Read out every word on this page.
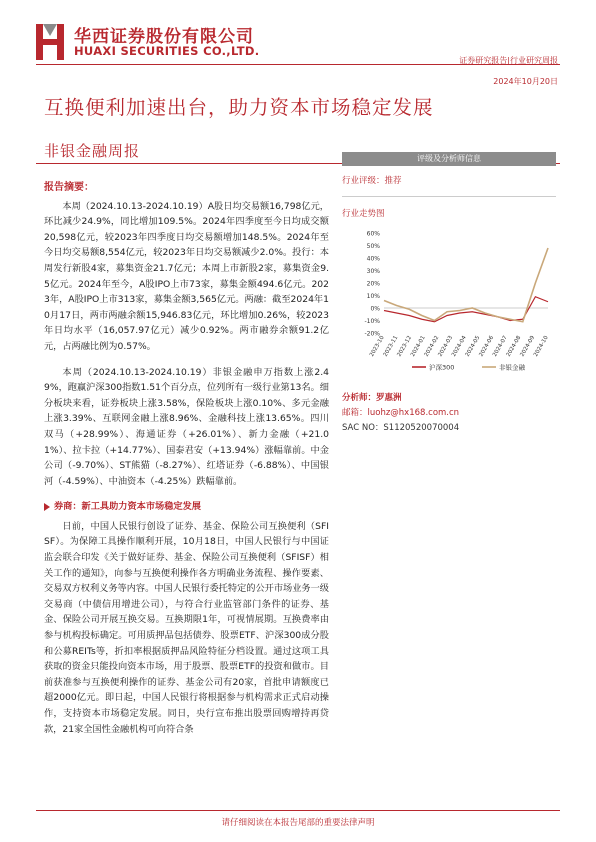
华西证券股份有限公司
HUAXI SECURITIES CO.,LTD.
证券研究报告|行业研究周报
2024年10月20日
互换便利加速出台，助力资本市场稳定发展
非银金融周报
报告摘要：

本周（2024.10.13-2024.10.19）A股日均交易额16,798亿元，环比减少24.9%，同比增加109.5%。2024年四季度至今日均成交额20,598亿元，较2023年四季度日均交易额增加148.5%。2024年至今日均交易额8,554亿元，较2023年日均交易额减少2.0%。投行：本周发行新股4家，募集资金21.7亿元；本周上市新股2家，募集资金9.5亿元。2024年至今，A股IPO上市73家，募集金额494.6亿元。2023年，A股IPO上市313家，募集金额3,565亿元。两融：截至2024年10月17日，两市两融余额15,946.83亿元，环比增加0.26%，较2023年日均水平（16,057.97亿元）减少0.92%。两市融券余额91.2亿元，占两融比例为0.57%。

本周（2024.10.13-2024.10.19）非银金融申万指数上涨2.49%，跑赢沪深300指数1.51个百分点，位列所有一级行业第13名。细分板块来看，证券板块上涨3.58%，保险板块上涨0.10%、多元金融上涨3.39%、互联网金融上涨8.96%、金融科技上涨13.65%。四川双马（+28.99%）、海通证券（+26.01%）、新力金融（+21.01%）、拉卡拉（+14.77%）、国泰君安（+13.94%）涨幅靠前。中金公司（-9.70%）、ST熊猫（-8.27%）、红塔证券（-6.88%）、中国银河（-4.59%）、中油资本（-4.25%）跌幅靠前。

券商：新工具助力资本市场稳定发展

日前，中国人民银行创设了证券、基金、保险公司互换便利（SFISF）。为保障工具操作顺利开展，10月18日，中国人民银行与中国证监会联合印发《关于做好证券、基金、保险公司互换便利（SFISF）相关工作的通知》，向参与互换便利操作各方明确业务流程、操作要素、交易双方权利义务等内容。中国人民银行委托特定的公开市场业务一级交易商（中债信用增进公司），与符合行业监管部门条件的证券、基金、保险公司开展互换交易。互换期限1年，可视情展期。互换费率由参与机构投标确定。可用质押品包括债券、股票ETF、沪深300成分股和公募REITs等，折扣率根据质押品风险特征分档设置。通过这项工具获取的资金只能投向资本市场，用于股票、股票ETF的投资和做市。目前获准参与互换便利操作的证券、基金公司有20家，首批申请额度已超2000亿元。即日起，中国人民银行将根据参与机构需求正式启动操作，支持资本市场稳定发展。同日，央行宣布推出股票回购增持再贷款，21家全国性金融机构可向符合条

评级及分析师信息
行业评级：推荐
行业走势图
60%
50%
40%
30%
20%
10%
0%
-10%
-20%
2023-10
2023-11
2023-12
2024-01
2024-02
2024-03
2024-04
2024-05
2024-06
2024-07
2024-08
2024-09
2024-10
沪深300	非银金融
分析师：罗惠洲
邮箱：luohz@hx168.com.cn
SAC NO：S1120520070004
请仔细阅读在本报告尾部的重要法律声明
